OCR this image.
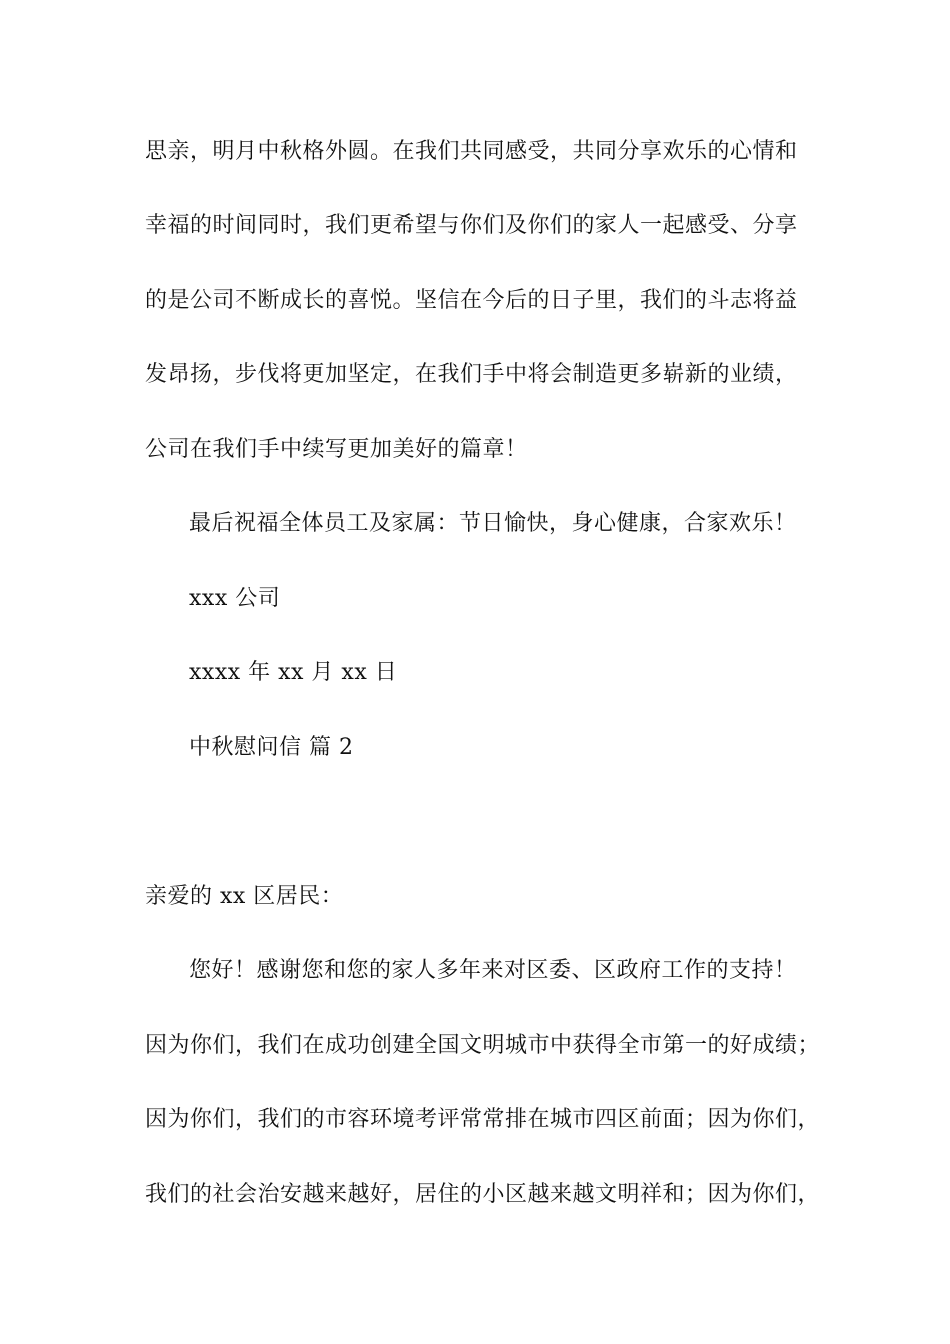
思亲，明月中秋格外圆。在我们共同感受，共同分享欢乐的心情和

幸福的时间同时，我们更希望与你们及你们的家人一起感受、分享

的是公司不断成长的喜悦。坚信在今后的日子里，我们的斗志将益

发昂扬，步伐将更加坚定，在我们手中将会制造更多崭新的业绩，

公司在我们手中续写更加美好的篇章！

最后祝福全体员工及家属：节日愉快，身心健康，合家欢乐！

xxx 公司

xxxx 年 xx 月 xx 日

中秋慰问信 篇 2

亲爱的 xx 区居民：

您好！感谢您和您的家人多年来对区委、区政府工作的支持！

因为你们，我们在成功创建全国文明城市中获得全市第一的好成绩；

因为你们，我们的市容环境考评常常排在城市四区前面；因为你们，

我们的社会治安越来越好，居住的小区越来越文明祥和；因为你们，
